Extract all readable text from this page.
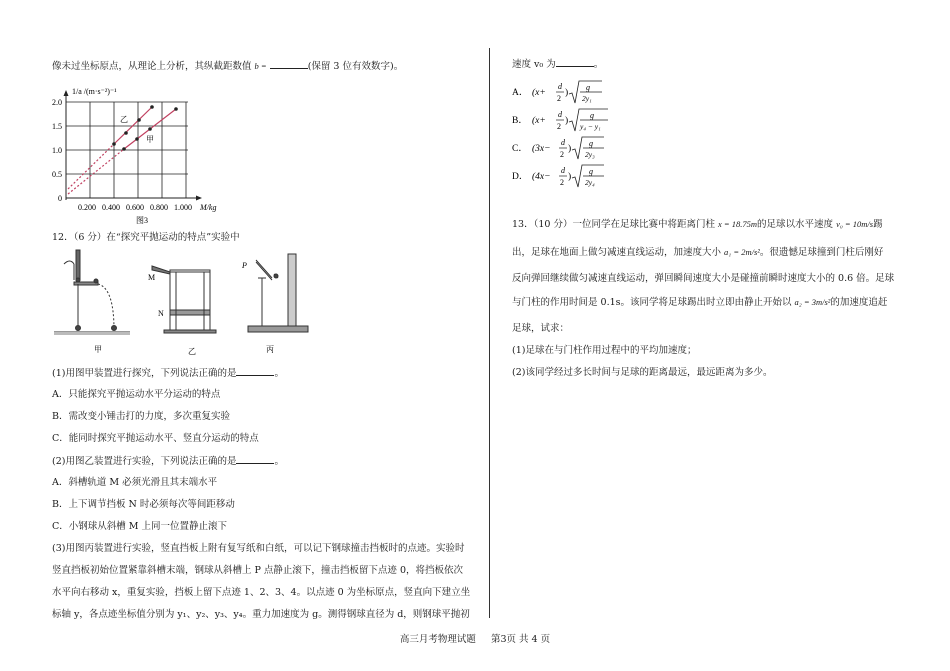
像未过坐标原点，从理论上分析，其纵截距数值 b =	(保留 3 位有效数字)。
1/a /(m·s⁻²)⁻¹
2.0
1.5
1.0
0.5
0
0.200 0.400 0.600 0.800 1.000 M/kg
乙
甲
图3
12．（6 分）在“探究平抛运动的特点”实验中
甲
M
N
乙
P
丙
(1)用图甲装置进行探究，下列说法正确的是	。
A．只能探究平抛运动水平分运动的特点
B．需改变小锤击打的力度，多次重复实验
C．能同时探究平抛运动水平、竖直分运动的特点
(2)用图乙装置进行实验，下列说法正确的是	。
A．斜槽轨道 M 必须光滑且其末端水平
B．上下调节挡板 N 时必须每次等间距移动
C．小钢球从斜槽 M 上同一位置静止滚下
(3)用图丙装置进行实验，竖直挡板上附有复写纸和白纸，可以记下钢球撞击挡板时的点迹。实验时
竖直挡板初始位置紧靠斜槽末端，钢球从斜槽上 P 点静止滚下，撞击挡板留下点迹 0，将挡板依次
水平向右移动 x，重复实验，挡板上留下点迹 1、2、3、4。以点迹 0 为坐标原点，竖直向下建立坐
标轴 y，各点迹坐标值分别为 y₁、y₂、y₃、y₄。重力加速度为 g。测得钢球直径为 d，则钢球平抛初
速度 v₀ 为	。
A． (x+
d
2
)
g
2y₁
B． (x+
d
2
)
g
y₄ − y₁
C． (3x−
d
2
)
g
2y₃
D． (4x−
d
2
)
g
2y₄
13．（10 分）一位同学在足球比赛中将距离门柱 x = 18.75m的足球以水平速度 v₀ = 10m/s踢
出，足球在地面上做匀减速直线运动，加速度大小 a₁ = 2m/s²。很遗憾足球撞到门柱后刚好
反向弹回继续做匀减速直线运动，弹回瞬间速度大小是碰撞前瞬时速度大小的 0.6 倍。足球
与门柱的作用时间是 0.1s。该同学将足球踢出时立即由静止开始以 a₂ = 3m/s²的加速度追赶
足球，试求：
(1)足球在与门柱作用过程中的平均加速度；
(2)该同学经过多长时间与足球的距离最远，最远距离为多少。
高三月考物理试题 第3页 共 4 页
